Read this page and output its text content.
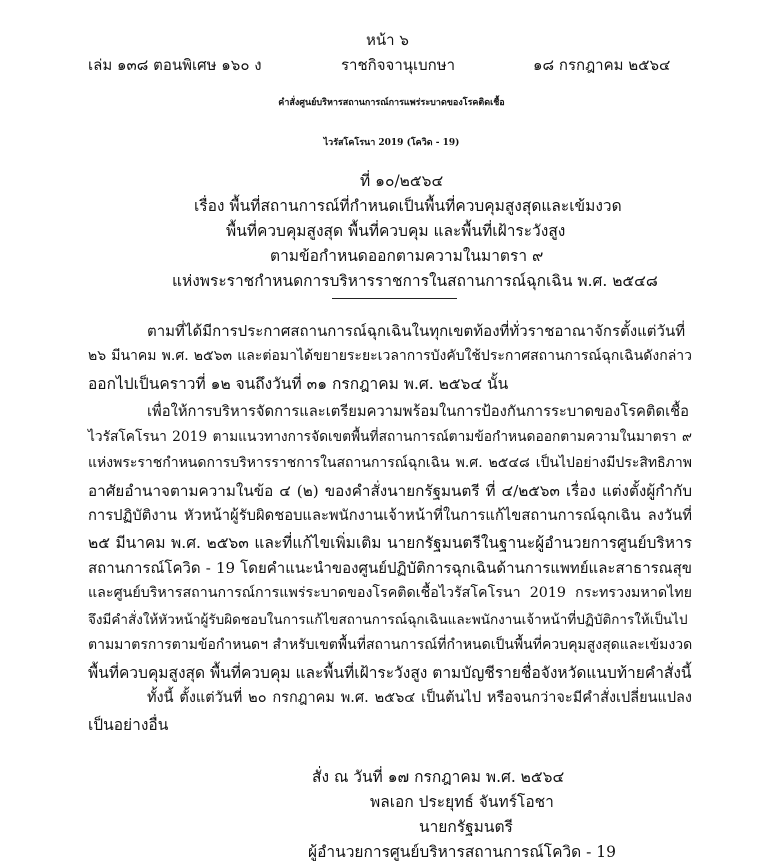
หน้า ๖
เล่ม ๑๓๘ ตอนพิเศษ ๑๖๐ ง	ราชกิจจานุเบกษา	๑๘ กรกฎาคม ๒๕๖๔
คำสั่งศูนย์บริหารสถานการณ์การแพร่ระบาดของโรคติดเชื้อ
ไวรัสโคโรนา 2019 (โควิด - 19)
ที่ ๑๐/๒๕๖๔
เรื่อง พื้นที่สถานการณ์ที่กำหนดเป็นพื้นที่ควบคุมสูงสุดและเข้มงวด
พื้นที่ควบคุมสูงสุด พื้นที่ควบคุม และพื้นที่เฝ้าระวังสูง
ตามข้อกำหนดออกตามความในมาตรา ๙
แห่งพระราชกำหนดการบริหารราชการในสถานการณ์ฉุกเฉิน พ.ศ. ๒๕๔๘
ตามที่ได้มีการประกาศสถานการณ์ฉุกเฉินในทุกเขตท้องที่ทั่วราชอาณาจักรตั้งแต่วันที่
๒๖ มีนาคม พ.ศ. ๒๕๖๓ และต่อมาได้ขยายระยะเวลาการบังคับใช้ประกาศสถานการณ์ฉุกเฉินดังกล่าว
ออกไปเป็นคราวที่ ๑๒ จนถึงวันที่ ๓๑ กรกฎาคม พ.ศ. ๒๕๖๔ นั้น
เพื่อให้การบริหารจัดการและเตรียมความพร้อมในการป้องกันการระบาดของโรคติดเชื้อ
ไวรัสโคโรนา 2019 ตามแนวทางการจัดเขตพื้นที่สถานการณ์ตามข้อกำหนดออกตามความในมาตรา ๙
แห่งพระราชกำหนดการบริหารราชการในสถานการณ์ฉุกเฉิน พ.ศ. ๒๕๔๘ เป็นไปอย่างมีประสิทธิภาพ
อาศัยอำนาจตามความในข้อ ๔ (๒) ของคำสั่งนายกรัฐมนตรี ที่ ๔/๒๕๖๓ เรื่อง แต่งตั้งผู้กำกับ
การปฏิบัติงาน หัวหน้าผู้รับผิดชอบและพนักงานเจ้าหน้าที่ในการแก้ไขสถานการณ์ฉุกเฉิน ลงวันที่
๒๕ มีนาคม พ.ศ. ๒๕๖๓ และที่แก้ไขเพิ่มเติม นายกรัฐมนตรีในฐานะผู้อำนวยการศูนย์บริหาร
สถานการณ์โควิด - 19 โดยคำแนะนำของศูนย์ปฏิบัติการฉุกเฉินด้านการแพทย์และสาธารณสุข
และศูนย์บริหารสถานการณ์การแพร่ระบาดของโรคติดเชื้อไวรัสโคโรนา 2019 กระทรวงมหาดไทย
จึงมีคำสั่งให้หัวหน้าผู้รับผิดชอบในการแก้ไขสถานการณ์ฉุกเฉินและพนักงานเจ้าหน้าที่ปฏิบัติการให้เป็นไป
ตามมาตรการตามข้อกำหนดฯ สำหรับเขตพื้นที่สถานการณ์ที่กำหนดเป็นพื้นที่ควบคุมสูงสุดและเข้มงวด
พื้นที่ควบคุมสูงสุด พื้นที่ควบคุม และพื้นที่เฝ้าระวังสูง ตามบัญชีรายชื่อจังหวัดแนบท้ายคำสั่งนี้
ทั้งนี้ ตั้งแต่วันที่ ๒๐ กรกฎาคม พ.ศ. ๒๕๖๔ เป็นต้นไป หรือจนกว่าจะมีคำสั่งเปลี่ยนแปลง
เป็นอย่างอื่น
สั่ง ณ วันที่ ๑๗ กรกฎาคม พ.ศ. ๒๕๖๔
พลเอก ประยุทธ์ จันทร์โอชา
นายกรัฐมนตรี
ผู้อำนวยการศูนย์บริหารสถานการณ์โควิด - 19
